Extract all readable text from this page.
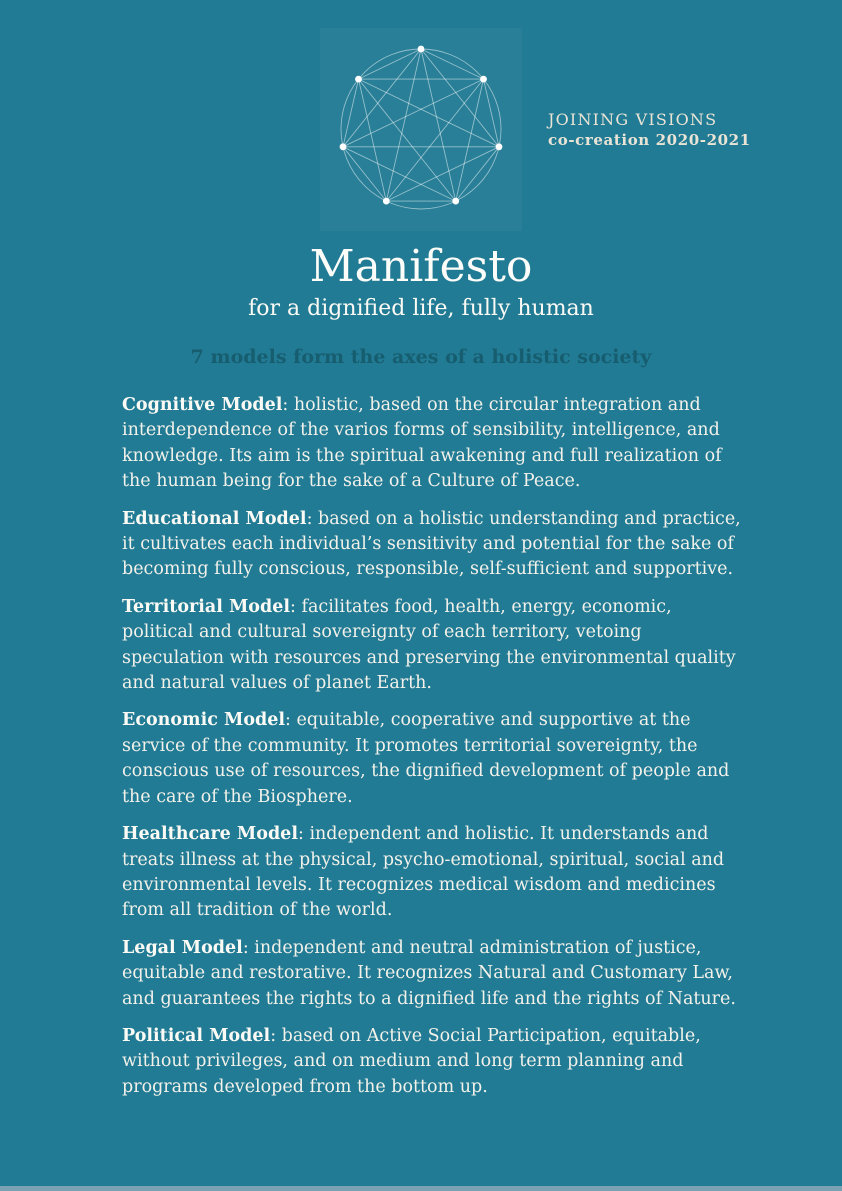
JOINING VISIONS
co-creation 2020-2021
Manifesto
for a dignified life, fully human
7 models form the axes of a holistic society

Cognitive Model: holistic, based on the circular integration and interdependence of the varios forms of sensibility, intelligence, and knowledge. Its aim is the spiritual awakening and full realization of the human being for the sake of a Culture of Peace.

Educational Model: based on a holistic understanding and practice, it cultivates each individual’s sensitivity and potential for the sake of becoming fully conscious, responsible, self-sufficient and supportive.

Territorial Model: facilitates food, health, energy, economic, political and cultural sovereignty of each territory, vetoing speculation with resources and preserving the environmental quality and natural values of planet Earth.

Economic Model: equitable, cooperative and supportive at the service of the community. It promotes territorial sovereignty, the conscious use of resources, the dignified development of people and the care of the Biosphere.

Healthcare Model: independent and holistic. It understands and treats illness at the physical, psycho-emotional, spiritual, social and environmental levels. It recognizes medical wisdom and medicines from all tradition of the world.

Legal Model: independent and neutral administration of justice, equitable and restorative. It recognizes Natural and Customary Law, and guarantees the rights to a dignified life and the rights of Nature.

Political Model: based on Active Social Participation, equitable, without privileges, and on medium and long term planning and programs developed from the bottom up.
